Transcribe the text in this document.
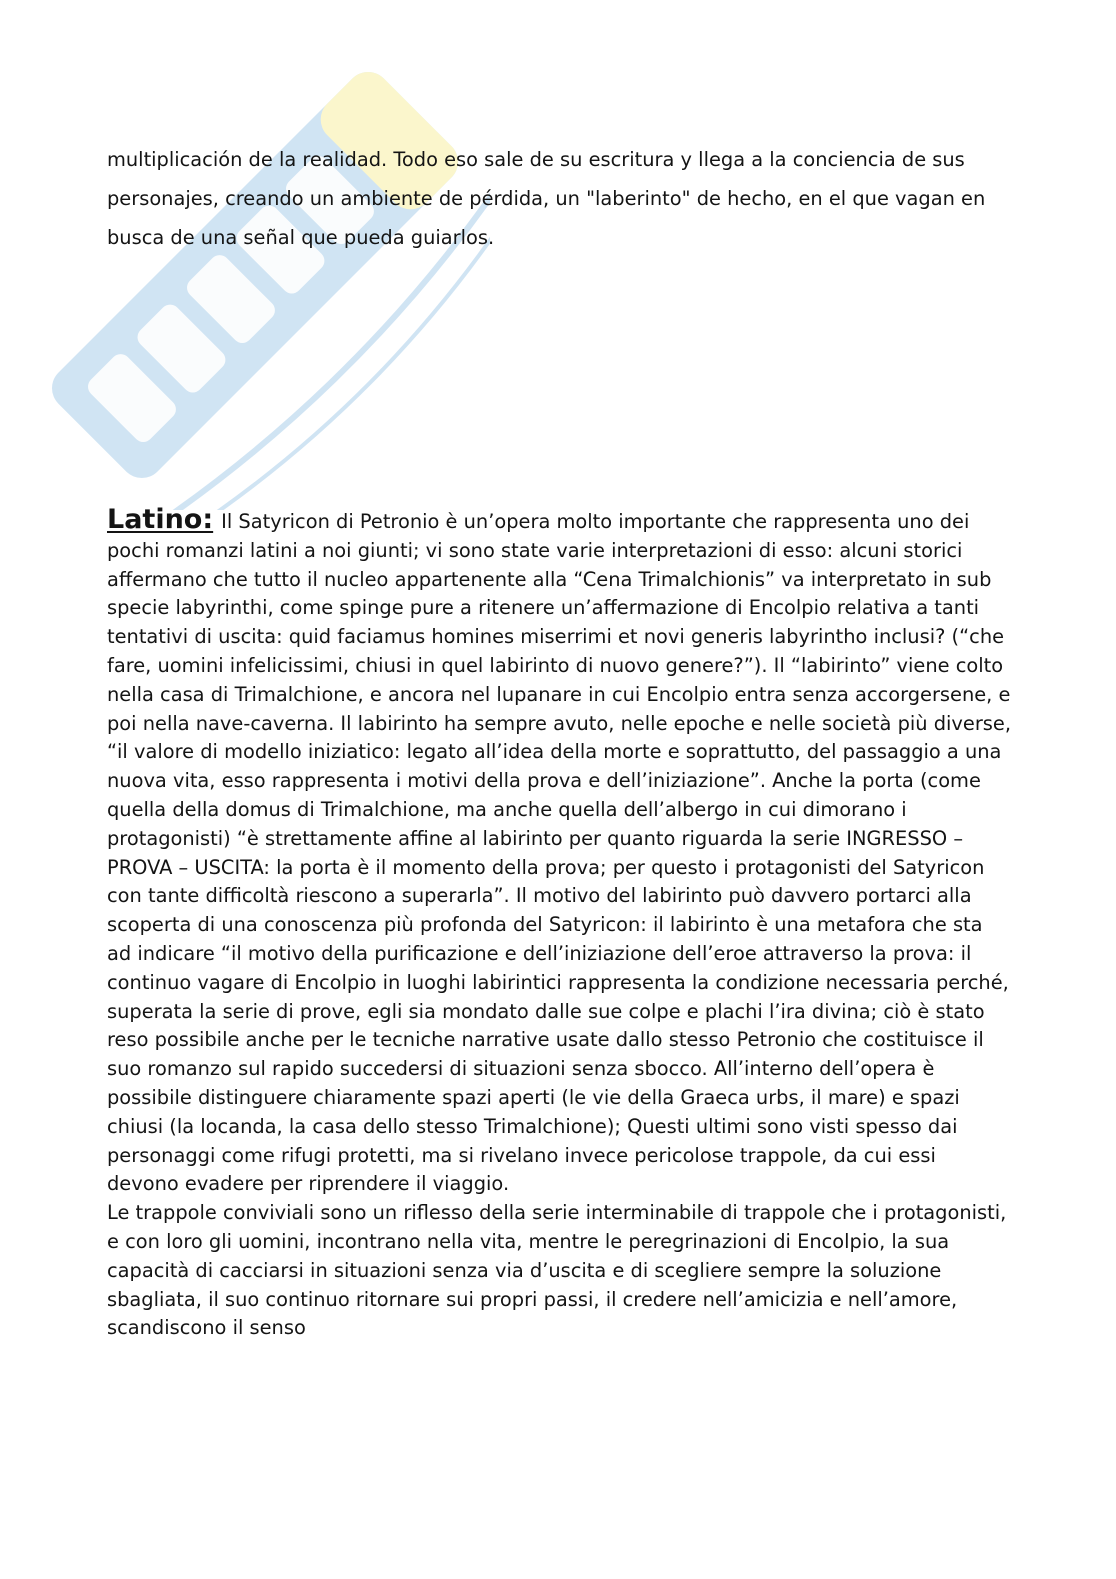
multiplicación de la realidad. Todo eso sale de su escritura y llega a la conciencia de sus personajes, creando un ambiente de pérdida, un "laberinto" de hecho, en el que vagan en busca de una señal que pueda guiarlos.

Latino: Il Satyricon di Petronio è un’opera molto importante che rappresenta uno dei pochi romanzi latini a noi giunti; vi sono state varie interpretazioni di esso: alcuni storici affermano che tutto il nucleo appartenente alla “Cena Trimalchionis” va interpretato in sub specie labyrinthi, come spinge pure a ritenere un’affermazione di Encolpio relativa a tanti tentativi di uscita: quid faciamus homines miserrimi et novi generis labyrintho inclusi? (“che fare, uomini infelicissimi, chiusi in quel labirinto di nuovo genere?”). Il “labirinto” viene colto nella casa di Trimalchione, e ancora nel lupanare in cui Encolpio entra senza accorgersene, e poi nella nave-caverna. Il labirinto ha sempre avuto, nelle epoche e nelle società più diverse, “il valore di modello iniziatico: legato all’idea della morte e soprattutto, del passaggio a una nuova vita, esso rappresenta i motivi della prova e dell’iniziazione”. Anche la porta (come quella della domus di Trimalchione, ma anche quella dell’albergo in cui dimorano i protagonisti) “è strettamente affine al labirinto per quanto riguarda la serie INGRESSO – PROVA – USCITA: la porta è il momento della prova; per questo i protagonisti del Satyricon con tante difficoltà riescono a superarla”. Il motivo del labirinto può davvero portarci alla scoperta di una conoscenza più profonda del Satyricon: il labirinto è una metafora che sta ad indicare “il motivo della purificazione e dell’iniziazione dell’eroe attraverso la prova: il continuo vagare di Encolpio in luoghi labirintici rappresenta la condizione necessaria perché, superata la serie di prove, egli sia mondato dalle sue colpe e plachi l’ira divina; ciò è stato reso possibile anche per le tecniche narrative usate dallo stesso Petronio che costituisce il suo romanzo sul rapido succedersi di situazioni senza sbocco. All’interno dell’opera è possibile distinguere chiaramente spazi aperti (le vie della Graeca urbs, il mare) e spazi chiusi (la locanda, la casa dello stesso Trimalchione); Questi ultimi sono visti spesso dai personaggi come rifugi protetti, ma si rivelano invece pericolose trappole, da cui essi devono evadere per riprendere il viaggio.

Le trappole conviviali sono un riflesso della serie interminabile di trappole che i protagonisti, e con loro gli uomini, incontrano nella vita, mentre le peregrinazioni di Encolpio, la sua capacità di cacciarsi in situazioni senza via d’uscita e di scegliere sempre la soluzione sbagliata, il suo continuo ritornare sui propri passi, il credere nell’amicizia e nell’amore, scandiscono il senso
